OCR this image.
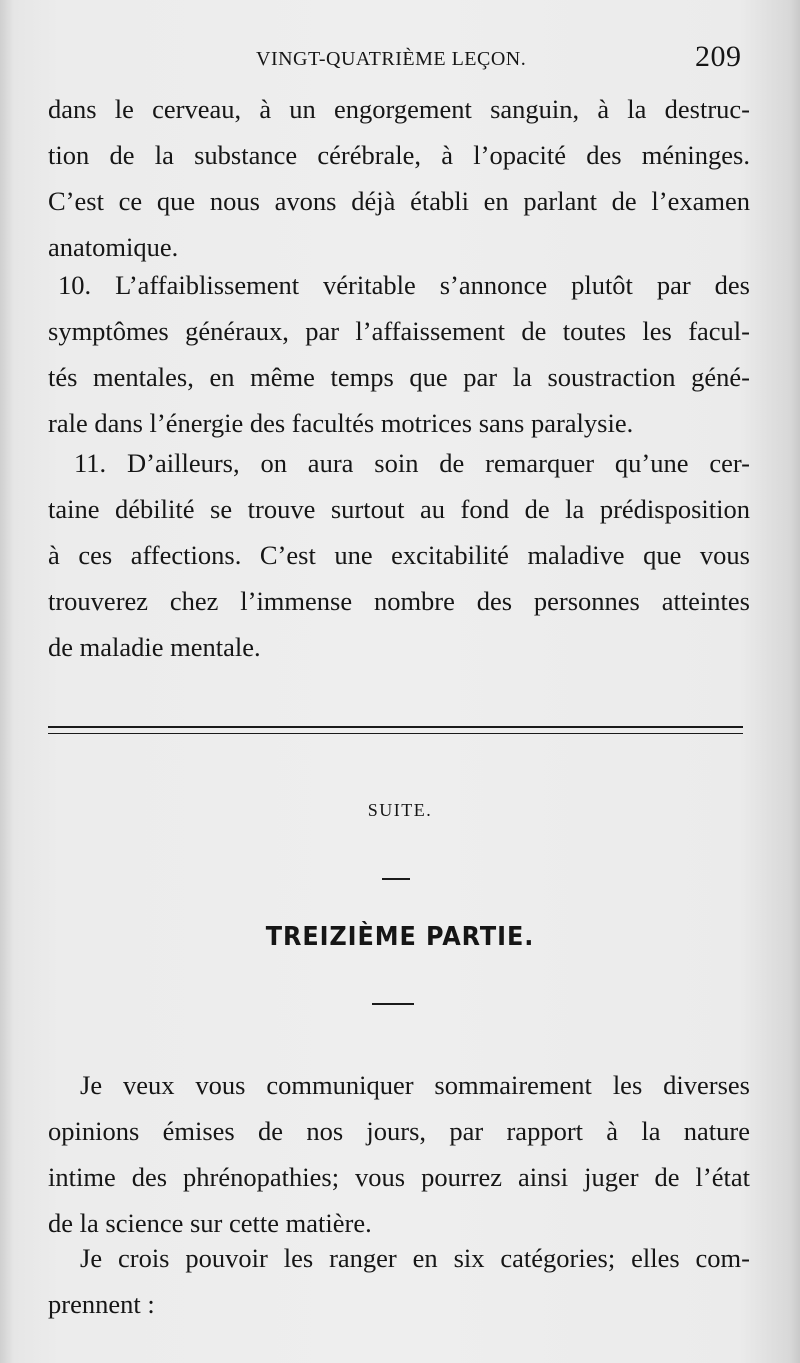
VINGT-QUATRIÈME LEÇON.	209
dans le cerveau, à un engorgement sanguin, à la destruc-
tion de la substance cérébrale, à l’opacité des méninges.
C’est ce que nous avons déjà établi en parlant de l’examen
anatomique.
10. L’affaiblissement véritable s’annonce plutôt par des
symptômes généraux, par l’affaissement de toutes les facul-
tés mentales, en même temps que par la soustraction géné-
rale dans l’énergie des facultés motrices sans paralysie.
11. D’ailleurs, on aura soin de remarquer qu’une cer-
taine débilité se trouve surtout au fond de la prédisposition
à ces affections. C’est une excitabilité maladive que vous
trouverez chez l’immense nombre des personnes atteintes
de maladie mentale.
SUITE.
TREIZIÈME PARTIE.
Je veux vous communiquer sommairement les diverses
opinions émises de nos jours, par rapport à la nature
intime des phrénopathies; vous pourrez ainsi juger de l’état
de la science sur cette matière.
Je crois pouvoir les ranger en six catégories; elles com-
prennent :
